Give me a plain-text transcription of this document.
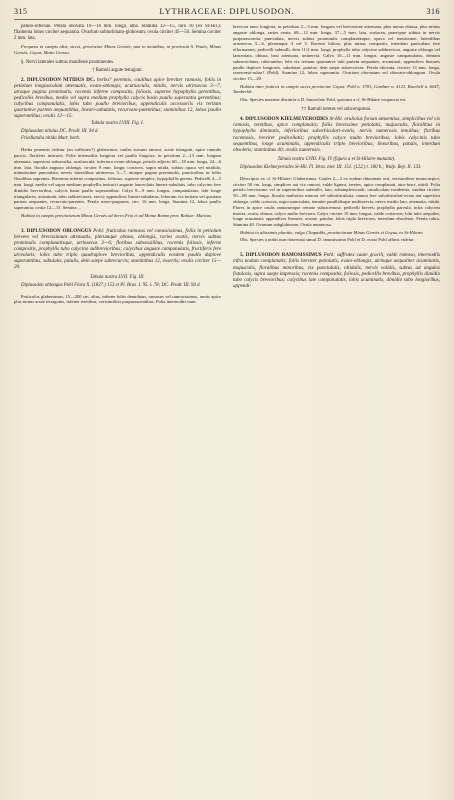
315	LYTHRACEAE: DIPLUSODON.	316

patulo-reflexae. Petala obovata 10—16 mm. longa, alba. Stamina 12—15, raro 10 (ex St-Hil.); filamenta lobos circiter aequantia. Ovarium subturbinato-globosum; ovula circiter 45—50. Semina circiter 2 mm. lata.

Frequens in campis altis, siccis, provinciae Minas Geraës; tum in montibus, in provincia S. Paulo, Minas Geraës, Goyaz, Matto Grosso.

§. Nervi laterales subtus manifeste prominentes.

† Ramuli argute tetragoni.

2. DIPLUSODON NITIDUS DC. herba? perennis, caulibus apice breviter ramosis; foliis in petiolum longiusculum attenuatis, ovato-oblongis, acutiusculis, nitidis, nervis utrinsecus 3—7, utraque pagina prominulis; racemis inferne compositis, foliosis, superne hypophylla gerentibus, pedicellis brevibus, medio vel supra medium prophylla calycis basin paullo superantia gerentibus; calycibus campanulatis, lobis tubo paullo brevioribus, appendiculis accessoriis vix tertiam quartamve partem aequantibus, lineari-subulatis, recurvato-patentibus; staminibus 12, lobos paullo superantibus; ovulis 12—15.

Tabula nostra LVIII. Fig. I.

Diplusodon nitidus DC. Prodr. III. 94 d.

Friedlandia nitida Mart. herb.

Herba perennis videtur (an suffrutex?) glaberrima; caules sursum ramosi, acute tetragoni, apice ramulis paucis, floriferis instructi. Folia internodiis longiora vel paullo longiora, in petiolum 2—13 mm. longum attenuata, superiora subsessilia, acutiuscula, inferiora ovato-oblonga, petiolo adjecto 60—18 mm. longa, 24—6 mm. lata, floralia angusto oblonga, circiter 8 mm. longa; coriacea, supra nitida, subtus opaca vel nitidula, minutissime punctulata, nervis lateralibus utrinsecus 3—7, utraque pagina prominulis, paucioribus in foliis floralibus supremis. Racemus inferne compositus, foliosus, superne simplex, hypophyllis gerens. Pedicelli 4—5 mm. longi, medio vel supra medium prophyllis instructi anguste lanceolatis lineari-subulatis, tubo calycino fere dimidio brevioribus, calycis basin paullo superantibus. Calyx 8—9 mm. longus, campanulatus; lobi longe triangulares, acuminati, tubo subbreviores, erecti; appendices lineari-subulatae, loborum vix tertiam vel quartam partem aequantes, recurvato-patentes. Petala roseo-purpurea, circ. 16 mm. longa. Stamina 12, lobos paullo superantia; ovula 12—15. Semina ...

Habitat in campis provinciarum Minas Geraës ad Serro Frio et ad Monte Bomm prov. Bahiae: Martius.

3. DIPLUSODON OBLONGUS Pohl: fruticulus ramosus vel ramosissimus, foliis in petiolum brevem vel brevissimum attenuatis, plerumque obtuse, oblongis, raries ovatis, nervis subtus prominulis complanatisque, utrinsecus 3—6; floribus subsessilibus, racemis foliosis, inferne compositis, prophyllis tubo calycino subbrevioribus; calycibus anguste campanulatis, fructiferis fere urceolatis; lobis tubo triplo quadruplove brevioribus, appendiculis eosdem paullo duplove superantibus, subulatis, patulis, dein saepe subrecurvis; staminibus 12, exsertis; ovulis circiter 15—20.

Tabula nostra LVII. Fig. III.

Diplusodon oblongus Pohl Flora X. (1827.) 153 et Pl. Bras. I. 95. t. 78; DC. Prodr. III. 94 d.

Fruticulus glaberrimus, 15—200 cm. altus, inferne foliis denudatus, ramosus vel ramosissimus, ramis apice plus minus acute tetragonis, inferne teretibus, verisimiliter purpurascentibus. Folia internodiis nunc

breviora nunc longiora, in petiolum 2—3 mm. longum vel brevissime attenuata, plus minus obtusa, plus minus anguste oblonga, raries ovata, 68—12 mm. longa, 37—5 mm. lata, coriacea, praecipue subtus in nervis purpurascentia, punctulata, nervis subtus prominulis complanatisque, opaca vel tenuissime, lateralibus utrinsecus 3—6, plerumque 4 vel 5. Racemi foliosi, plus minus compositi, interdum paniculam fere efformantes; pedicelli subnulli, dein 11/2 mm. longi; prophylla tubo calycino subbreviora, anguste oblonga vel lanceolata, obtusa, basi attenuata, uninervia. Calyx 10—11 mm. longus, anguste campanulatus, demum subnrceolatus, rubicundus; lobi vix tertiam quartamve tubi partem aequantes, acuminati; appendices lineares paullo duplove longiores, subulatae, patulae, dein saepe subrecurvae. Petala obovata, circiter 13 mm. longa, rasescenti-rubra? (Pohl). Stamina 12, lobos superantia. Ovarium obovatum vel obovato-oblongum. Ovula circiter 15—20.

Habitat inter frutices in campis siccis provinciae Goyaz: Pohl n. 1781; Gardner n. 4123, Burchell n. 6047, Tamberlik.

Obs. Species maxime distincta a D. lanceolato Pohl, quocum a cl. St-Hilaire conjuncta est.

†† Ramuli teretes vel subcompressi.

4. DIPLUSODON KIELMEYEROIDES St-Hil. oruliolus forsan amoenitas, simplicibus vel vix ramosis, teretibus, apice complanatis; foliis brevissime petiolatis, majusculis, floralibus in hypophylla diminutis, inferioribus suborbiculari-ovatis, nervis numerosis tenuibus; floribus racemosis, breviter pedicellatis; prophyllis calyce multo brevioribus; lobis calycinis tubo sequentibus, longe acuminatis, appendiculis triplo brevioribus, linearibus, patulis, interdum obsoletis; staminibus 40; ovulis numerosis.

Tabula nostra LVIII. Fig. IV (figura a et St-Hilaire mutuata).

Diplusodon Kielmeyeroides St-Hil. Fl. Bras. mer. III. 151. (122.) t. 180 b.; Walp. Rep. II. 133.

Descriptio ex cl. St-Hilaire: Glaberrimus. Caules 2—3 ex eodem rhizomate orti, verisimiliter monocarpici, circiter 50 cm. longi, simplices aut vix ramosi, valde lignosi, teretes, apice complanati, atro-fusci, nitidi. Folia petiolo brevissimo vel in superioribus subnullo; lato, subamplexicauli, canaliculato insidentia, vaulina circiter 50—80 mm. longa, floralia multoties minora vel suborbicularia, omnia fere suborbiculari-ovata aut superiora oblonga, valde coriacea, nigro-punctulata, tenuiter parallelisque multinervia, nervo medio lato, attenuato, nitida. Flores in apice caulis ramorumque remote subracemosi; pedicelli breves; prophylla parvula, infra calycem inserta, ovata, obtusa, calyce multo breviora. Calyx circiter 10 mm. longus, valde coriaceus; lobi tubo aequales, longe acuminati; appendices lineares, acutae, patulae, lobis triplo breviores, interdum obsoletae. Petala rubra. Stamina 40. Ovarium subglobosum. Ovula numerosa.

Habitat in altissimis planitie, vulgo Chapadão, provinciarum Minas Geraës et Goyaz, ex St-Hilaire.

Obs. Species a nobis non observata simul D. ramosissimo Pohl et D. ovato Pohl affinis videtur.

5. DIPLUSODON RAMOSISSIMUS Pohl: suffrutex caule gracili, valde ramoso, internodiis infra nodum complanatis; foliis breviter petiolatis, ovato-oblongis, utrinque aequaliter acuminatis, majusculis, floralibus minoribus, vix punctulatis, nitidulis, nervis validis, subtus ad angulos fistulosis, supra saepe impressis; racemis compositis, foliosis, pedicellis brevibus, prophyllis dimidio tubo calycis brevioribus; calycibus late campanulatis, lobis acuminatis, dimidio tubo longioribus, appendi-
